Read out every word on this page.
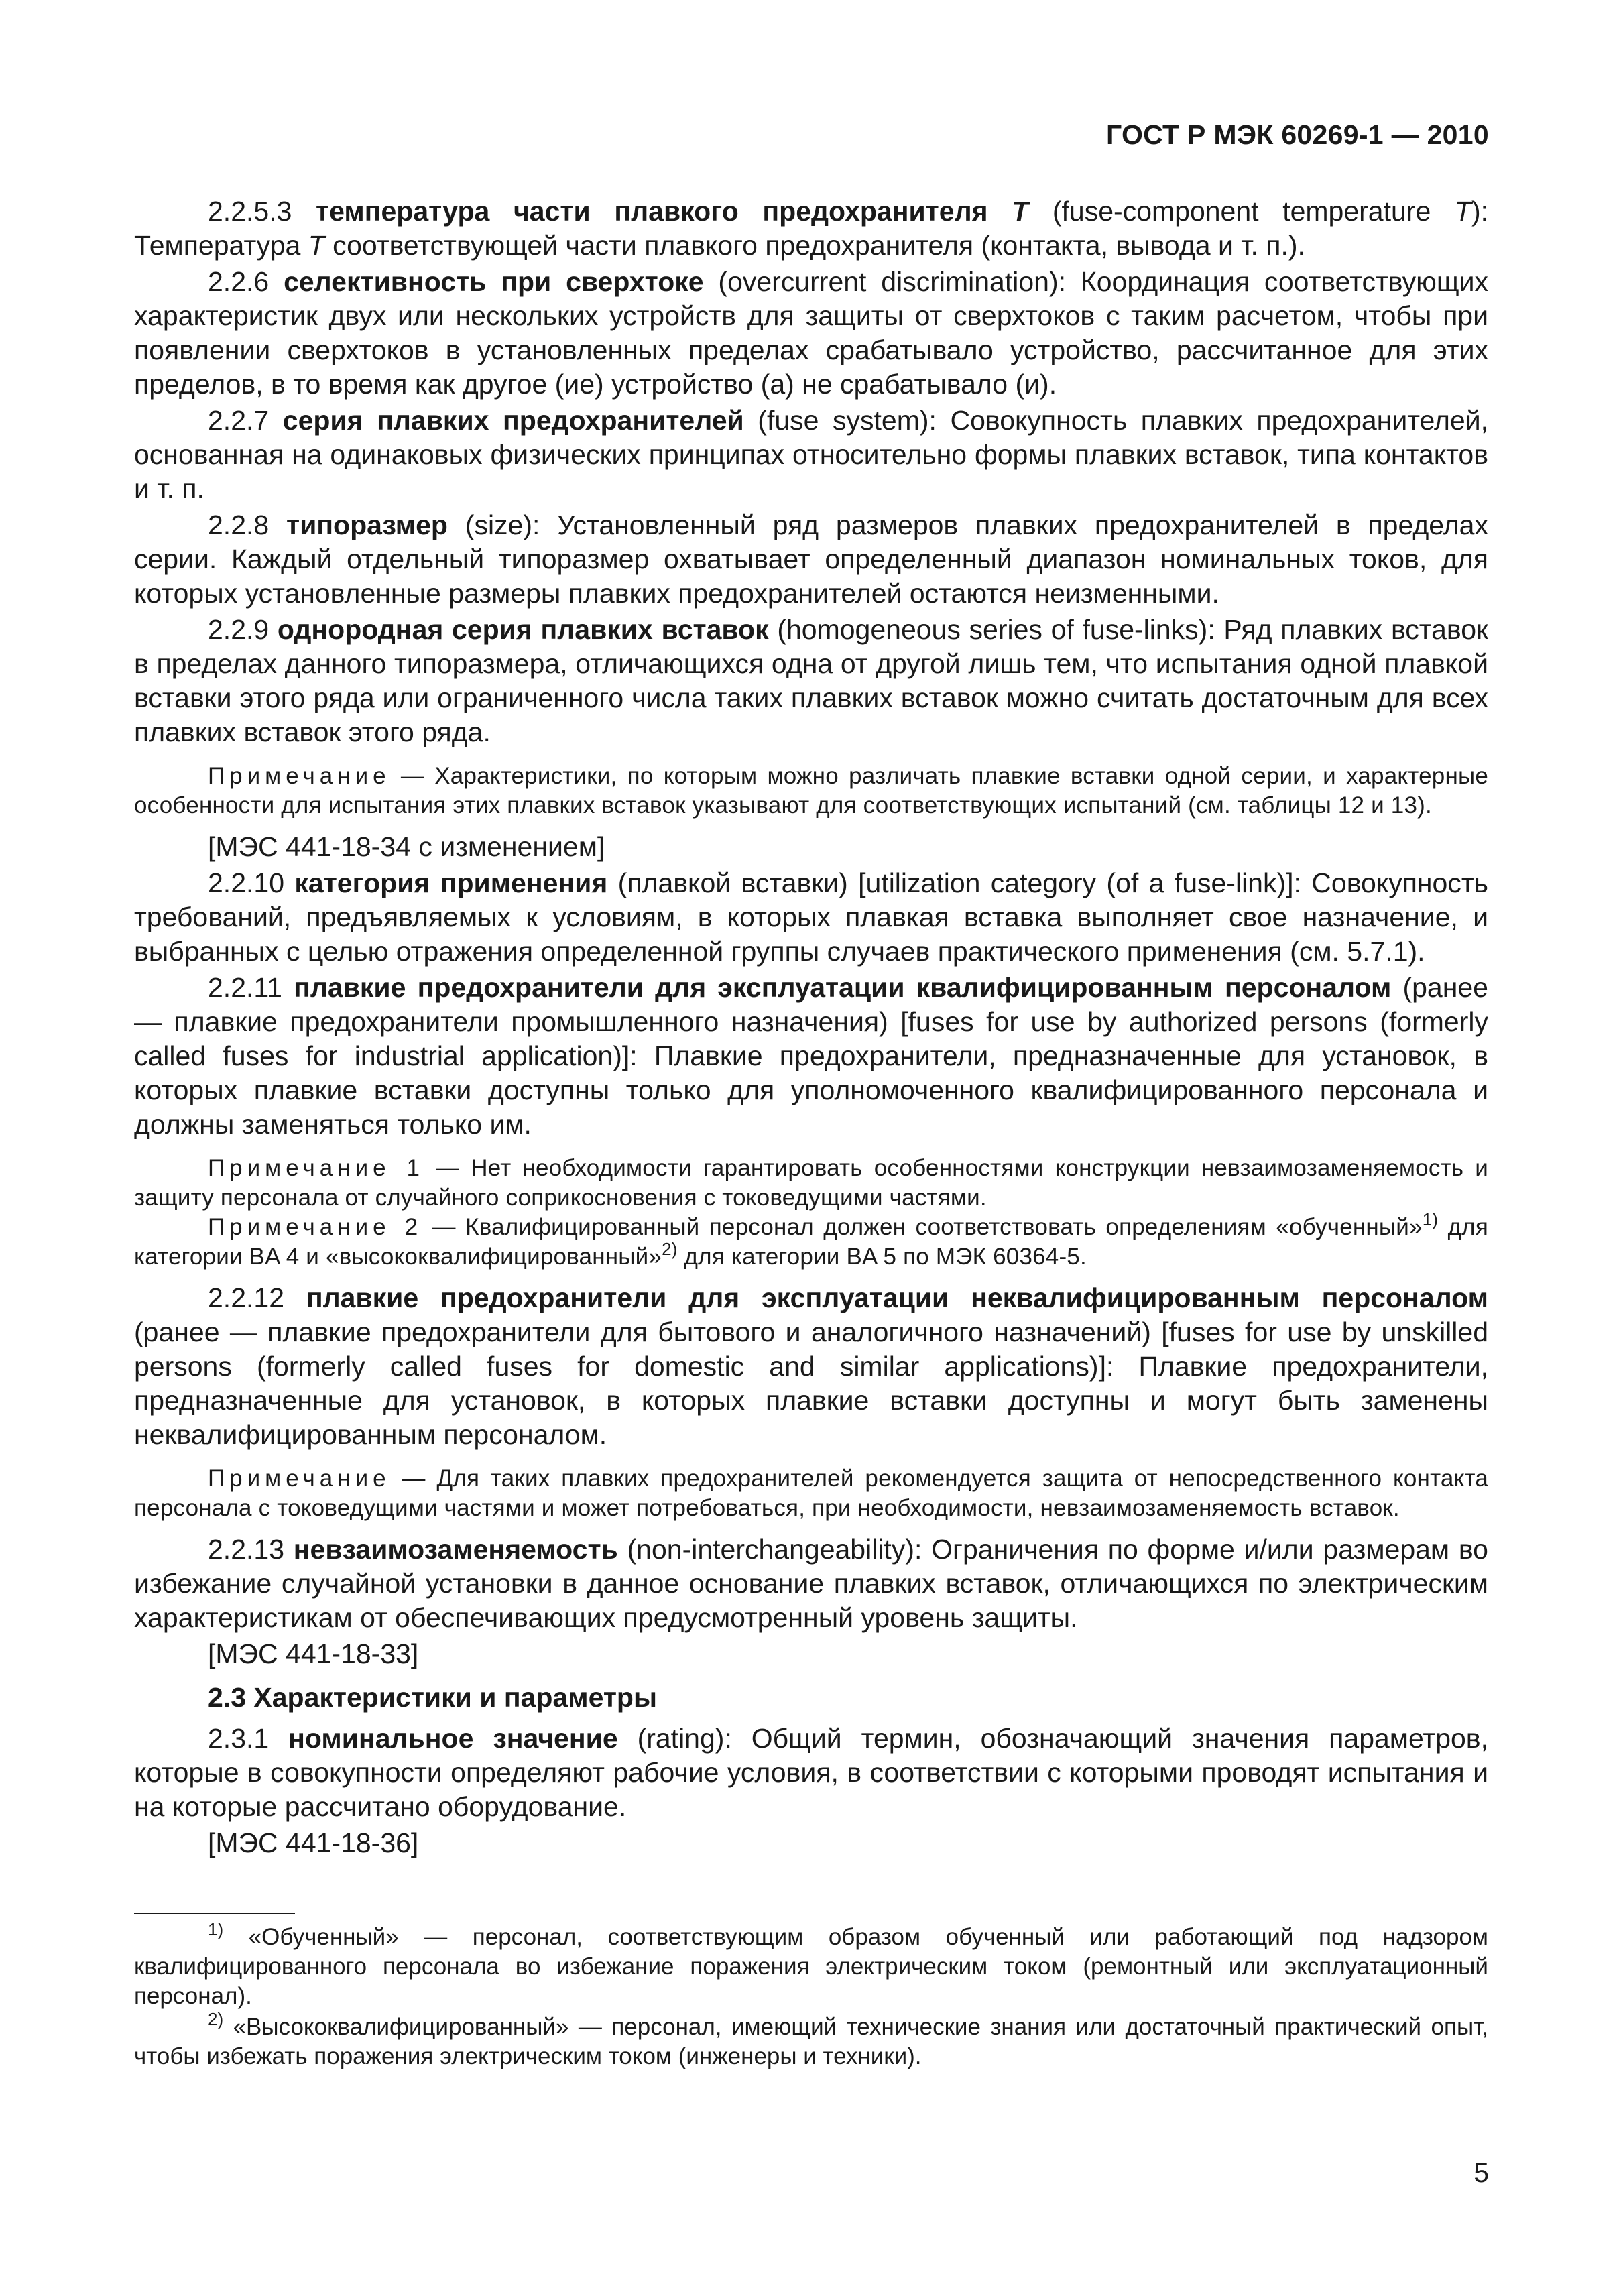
ГОСТ Р МЭК 60269-1 — 2010

2.2.5.3 температура части плавкого предохранителя T (fuse-component temperature T): Температура T соответствующей части плавкого предохранителя (контакта, вывода и т. п.).

2.2.6 селективность при сверхтоке (overcurrent discrimination): Координация соответствующих характеристик двух или нескольких устройств для защиты от сверхтоков с таким расчетом, чтобы при появлении сверхтоков в установленных пределах срабатывало устройство, рассчитанное для этих пределов, в то время как другое (ие) устройство (а) не срабатывало (и).

2.2.7 серия плавких предохранителей (fuse system): Совокупность плавких предохранителей, основанная на одинаковых физических принципах относительно формы плавких вставок, типа контактов и т. п.

2.2.8 типоразмер (size): Установленный ряд размеров плавких предохранителей в пределах серии. Каждый отдельный типоразмер охватывает определенный диапазон номинальных токов, для которых установленные размеры плавких предохранителей остаются неизменными.

2.2.9 однородная серия плавких вставок (homogeneous series of fuse-links): Ряд плавких вставок в пределах данного типоразмера, отличающихся одна от другой лишь тем, что испытания одной плавкой вставки этого ряда или ограниченного числа таких плавких вставок можно считать достаточным для всех плавких вставок этого ряда.

Примечание — Характеристики, по которым можно различать плавкие вставки одной серии, и характерные особенности для испытания этих плавких вставок указывают для соответствующих испытаний (см. таблицы 12 и 13).

[МЭС 441-18-34 с изменением]

2.2.10 категория применения (плавкой вставки) [utilization category (of a fuse-link)]: Совокупность требований, предъявляемых к условиям, в которых плавкая вставка выполняет свое назначение, и выбранных с целью отражения определенной группы случаев практического применения (см. 5.7.1).

2.2.11 плавкие предохранители для эксплуатации квалифицированным персоналом (ранее — плавкие предохранители промышленного назначения) [fuses for use by authorized persons (formerly called fuses for industrial application)]: Плавкие предохранители, предназначенные для установок, в которых плавкие вставки доступны только для уполномоченного квалифицированного персонала и должны заменяться только им.

Примечание 1 — Нет необходимости гарантировать особенностями конструкции невзаимозаменяемость и защиту персонала от случайного соприкосновения с токоведущими частями.

Примечание 2 — Квалифицированный персонал должен соответствовать определениям «обученный»$^{1)}$ для категории BA 4 и «высококвалифицированный»$^{2)}$ для категории BA 5 по МЭК 60364-5.

2.2.12 плавкие предохранители для эксплуатации неквалифицированным персоналом (ранее — плавкие предохранители для бытового и аналогичного назначений) [fuses for use by unskilled persons (formerly called fuses for domestic and similar applications)]: Плавкие предохранители, предназначенные для установок, в которых плавкие вставки доступны и могут быть заменены неквалифицированным персоналом.

Примечание — Для таких плавких предохранителей рекомендуется защита от непосредственного контакта персонала с токоведущими частями и может потребоваться, при необходимости, невзаимозаменяемость вставок.

2.2.13 невзаимозаменяемость (non-interchangeability): Ограничения по форме и/или размерам во избежание случайной установки в данное основание плавких вставок, отличающихся по электрическим характеристикам от обеспечивающих предусмотренный уровень защиты.

[МЭС 441-18-33]

2.3 Характеристики и параметры

2.3.1 номинальное значение (rating): Общий термин, обозначающий значения параметров, которые в совокупности определяют рабочие условия, в соответствии с которыми проводят испытания и на которые рассчитано оборудование.

[МЭС 441-18-36]

$^{1)}$ «Обученный» — персонал, соответствующим образом обученный или работающий под надзором квалифицированного персонала во избежание поражения электрическим током (ремонтный или эксплуатационный персонал).

$^{2)}$ «Высококвалифицированный» — персонал, имеющий технические знания или достаточный практический опыт, чтобы избежать поражения электрическим током (инженеры и техники).

5
